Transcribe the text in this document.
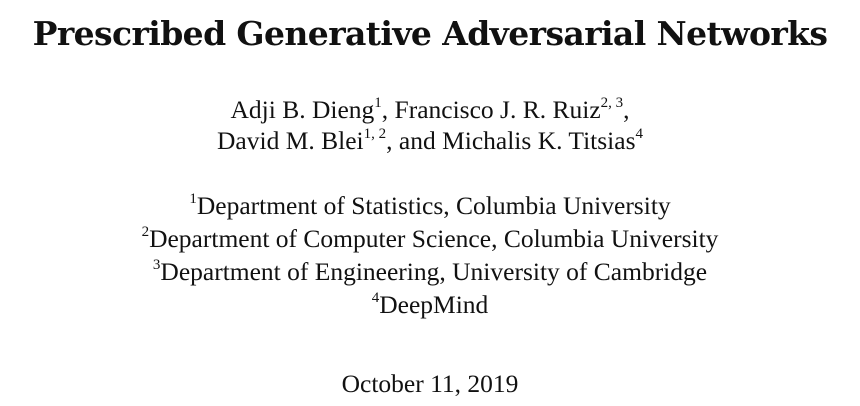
Prescribed Generative Adversarial Networks
Adji B. Dieng$^1$, Francisco J. R. Ruiz$^{2, 3}$,
David M. Blei$^{1, 2}$, and Michalis K. Titsias$^4$
$^1$Department of Statistics, Columbia University
$^2$Department of Computer Science, Columbia University
$^3$Department of Engineering, University of Cambridge
$^4$DeepMind
October 11, 2019
